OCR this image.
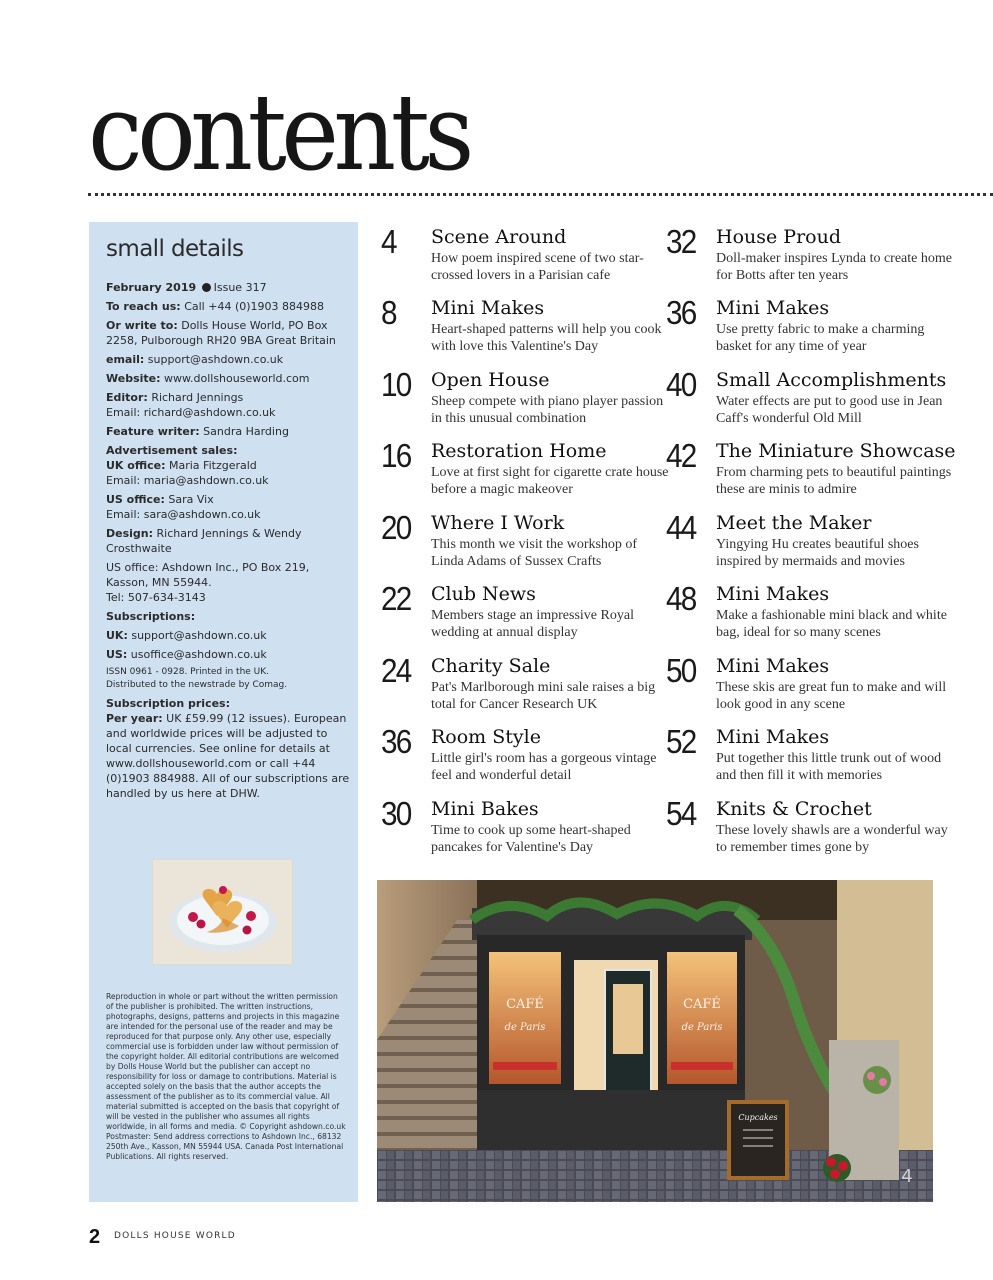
contents
small details
February 2019 Issue 317
To reach us: Call +44 (0)1903 884988
Or write to: Dolls House World, PO Box 2258, Pulborough RH20 9BA Great Britain
email: support@ashdown.co.uk
Website: www.dollshouseworld.com
Editor: Richard Jennings
Email: richard@ashdown.co.uk
Feature writer: Sandra Harding
Advertisement sales:
UK office: Maria Fitzgerald
Email: maria@ashdown.co.uk
US office: Sara Vix
Email: sara@ashdown.co.uk
Design: Richard Jennings & Wendy Crosthwaite
US office: Ashdown Inc., PO Box 219, Kasson, MN 55944.
Tel: 507-634-3143
Subscriptions:
UK: support@ashdown.co.uk
US: usoffice@ashdown.co.uk
ISSN 0961 - 0928. Printed in the UK.
Distributed to the newstrade by Comag.
Subscription prices:
Per year: UK £59.99 (12 issues). European and worldwide prices will be adjusted to local currencies. See online for details at www.dollshouseworld.com or call +44 (0)1903 884988. All of our subscriptions are handled by us here at DHW.
Reproduction in whole or part without the written permission of the publisher is prohibited. The written instructions, photographs, designs, patterns and projects in this magazine are intended for the personal use of the reader and may be reproduced for that purpose only. Any other use, especially commercial use is forbidden under law without permission of the copyright holder. All editorial contributions are welcomed by Dolls House World but the publisher can accept no responsibility for loss or damage to contributions. Material is accepted solely on the basis that the author accepts the assessment of the publisher as to its commercial value. All material submitted is accepted on the basis that copyright of will be vested in the publisher who assumes all rights worldwide, in all forms and media. © Copyright ashdown.co.uk
Postmaster: Send address corrections to Ashdown Inc., 68132 250th Ave., Kasson, MN 55944 USA. Canada Post International Publications. All rights reserved.
4	Scene Around
How poem inspired scene of two star-crossed lovers in a Parisian cafe
8	Mini Makes
Heart-shaped patterns will help you cook with love this Valentine's Day
10	Open House
Sheep compete with piano player passion in this unusual combination
16	Restoration Home
Love at first sight for cigarette crate house before a magic makeover
20	Where I Work
This month we visit the workshop of Linda Adams of Sussex Crafts
22	Club News
Members stage an impressive Royal wedding at annual display
24	Charity Sale
Pat's Marlborough mini sale raises a big total for Cancer Research UK
36	Room Style
Little girl's room has a gorgeous vintage feel and wonderful detail
30	Mini Bakes
Time to cook up some heart-shaped pancakes for Valentine's Day
32	House Proud
Doll-maker inspires Lynda to create home for Botts after ten years
36	Mini Makes
Use pretty fabric to make a charming basket for any time of year
40	Small Accomplishments
Water effects are put to good use in Jean Caff's wonderful Old Mill
42	The Miniature Showcase
From charming pets to beautiful paintings these are minis to admire
44	Meet the Maker
Yingying Hu creates beautiful shoes inspired by mermaids and movies
48	Mini Makes
Make a fashionable mini black and white bag, ideal for so many scenes
50	Mini Makes
These skis are great fun to make and will look good in any scene
52	Mini Makes
Put together this little trunk out of wood and then fill it with memories
54	Knits & Crochet
These lovely shawls are a wonderful way to remember times gone by
CAFÉ
de Paris
CAFÉ
de Paris
Cupcakes
4
2 DOLLS HOUSE WORLD
